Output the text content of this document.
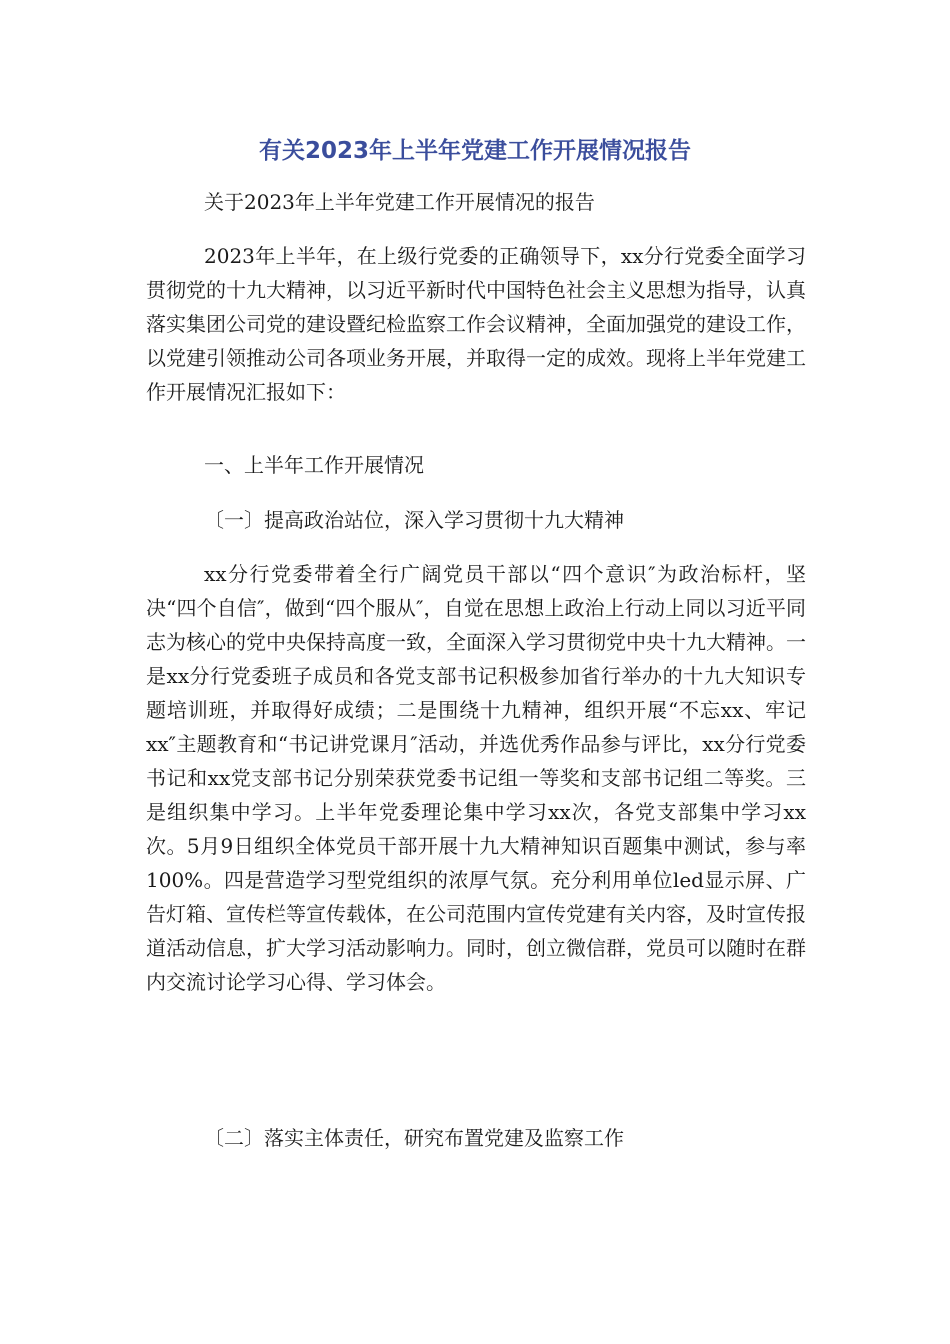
有关2023年上半年党建工作开展情况报告

关于2023年上半年党建工作开展情况的报告

2023年上半年，在上级行党委的正确领导下，xx分行党委全面学习贯彻党的十九大精神，以习近平新时代中国特色社会主义思想为指导，认真落实集团公司党的建设暨纪检监察工作会议精神，全面加强党的建设工作，以党建引领推动公司各项业务开展，并取得一定的成效。现将上半年党建工作开展情况汇报如下：

一、上半年工作开展情况

〔一〕提高政治站位，深入学习贯彻十九大精神

xx分行党委带着全行广阔党员干部以“四个意识″为政治标杆，坚决“四个自信″，做到“四个服从″，自觉在思想上政治上行动上同以习近平同志为核心的党中央保持高度一致，全面深入学习贯彻党中央十九大精神。一是xx分行党委班子成员和各党支部书记积极参加省行举办的十九大知识专题培训班，并取得好成绩；二是围绕十九精神，组织开展“不忘xx、牢记xx″主题教育和“书记讲党课月″活动，并选优秀作品参与评比，xx分行党委书记和xx党支部书记分别荣获党委书记组一等奖和支部书记组二等奖。三是组织集中学习。上半年党委理论集中学习xx次，各党支部集中学习xx次。5月9日组织全体党员干部开展十九大精神知识百题集中测试，参与率100%。四是营造学习型党组织的浓厚气氛。充分利用单位led显示屏、广告灯箱、宣传栏等宣传载体，在公司范围内宣传党建有关内容，及时宣传报道活动信息，扩大学习活动影响力。同时，创立微信群，党员可以随时在群内交流讨论学习心得、学习体会。

〔二〕落实主体责任，研究布置党建及监察工作
